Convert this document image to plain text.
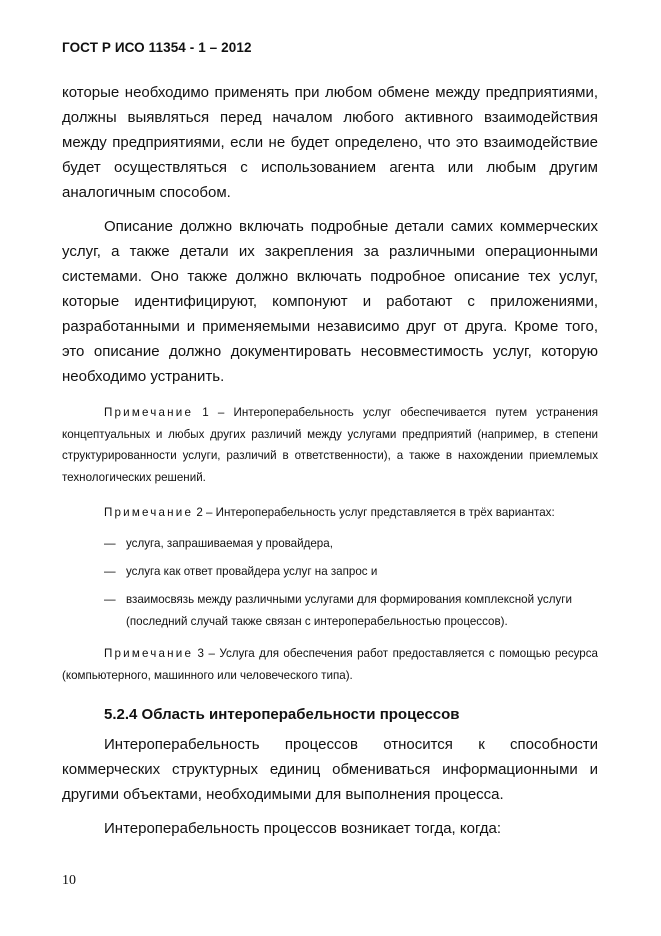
ГОСТ Р ИСО 11354 - 1 – 2012

которые необходимо применять при любом обмене между предприятиями, должны выявляться перед началом любого активного взаимодействия между предприятиями, если не будет определено, что это взаимодействие будет осуществляться с использованием агента или любым другим аналогичным способом.

Описание должно включать подробные детали самих коммерческих услуг, а также детали их закрепления за различными операционными системами. Оно также должно включать подробное описание тех услуг, которые идентифицируют, компонуют и работают с приложениями, разработанными и применяемыми независимо друг от друга. Кроме того, это описание должно документировать несовместимость услуг, которую необходимо устранить.

Примечание 1 – Интероперабельность услуг обеспечивается путем устранения концептуальных и любых других различий между услугами предприятий (например, в степени структурированности услуги, различий в ответственности), а также в нахождении приемлемых технологических решений.

Примечание 2 – Интероперабельность услуг представляется в трёх вариантах:

— услуга, запрашиваемая у провайдера,
— услуга как ответ провайдера услуг на запрос и
— взаимосвязь между различными услугами для формирования комплексной услуги
(последний случай также связан с интероперабельностью процессов).

Примечание 3 – Услуга для обеспечения работ предоставляется с помощью ресурса (компьютерного, машинного или человеческого типа).

5.2.4 Область интероперабельности процессов

Интероперабельность процессов относится к способности коммерческих структурных единиц обмениваться информационными и другими объектами, необходимыми для выполнения процесса.

Интероперабельность процессов возникает тогда, когда:

10
